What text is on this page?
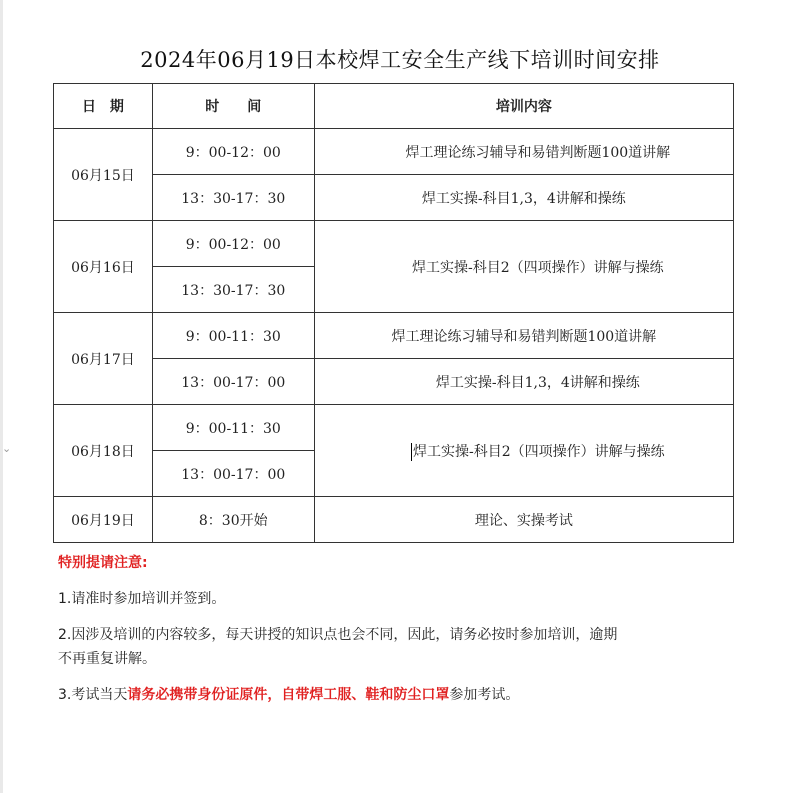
⌄
2024年06月19日本校焊工安全生产线下培训时间安排
日　期	时　　间	培训内容
06月15日	9：00-12：00	焊工理论练习辅导和易错判断题100道讲解
	13：30-17：30	焊工实操-科目1,3，4讲解和操练
06月16日	9：00-12：00	焊工实操-科目2（四项操作）讲解与操练
	13：30-17：30	
06月17日	9：00-11：30	焊工理论练习辅导和易错判断题100道讲解
	13：00-17：00	焊工实操-科目1,3，4讲解和操练
06月18日	9：00-11：30	焊工实操-科目2（四项操作）讲解与操练
	13：00-17：00	
06月19日	8：30开始	理论、实操考试
特别提请注意:
1.请准时参加培训并签到。
2.因涉及培训的内容较多，每天讲授的知识点也会不同，因此，请务必按时参加培训，逾期
不再重复讲解。
3.考试当天请务必携带身份证原件，自带焊工服、鞋和防尘口罩参加考试。
